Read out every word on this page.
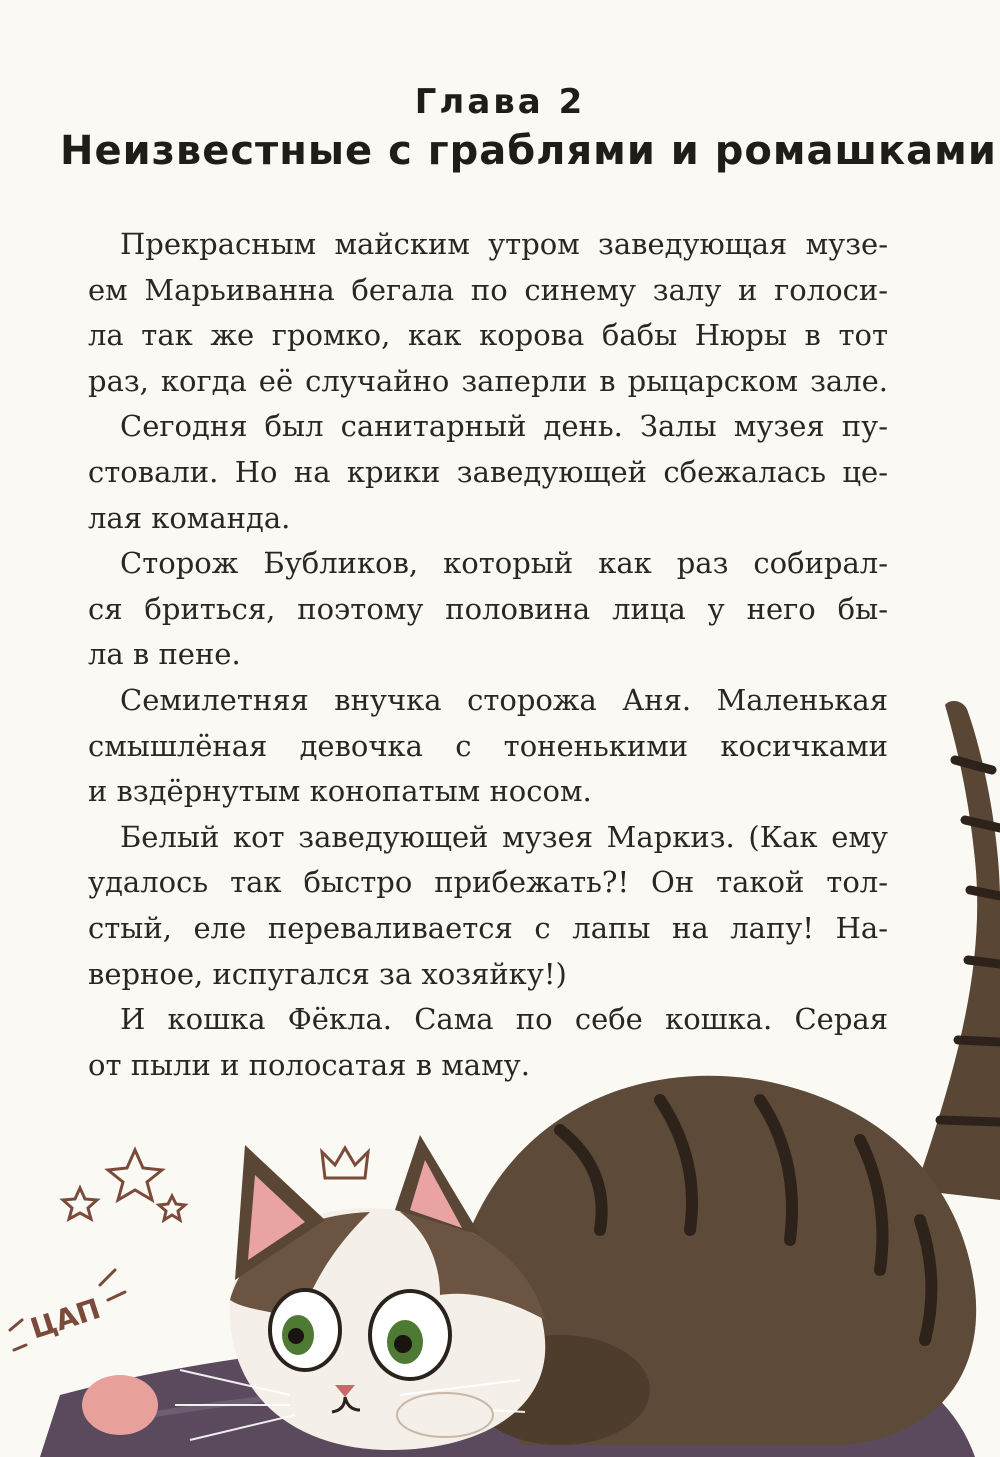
Глава 2
Неизвестные с граблями и ромашками
Прекрасным майским утром заведующая музе-
ем Марьиванна бегала по синему залу и голоси-
ла так же громко, как корова бабы Нюры в тот
раз, когда её случайно заперли в рыцарском зале.
Сегодня был санитарный день. Залы музея пу-
стовали. Но на крики заведующей сбежалась це-
лая команда.
Сторож Бубликов, который как раз собирал-
ся бриться, поэтому половина лица у него бы-
ла в пене.
Семилетняя внучка сторожа Аня. Маленькая
смышлёная девочка с тоненькими косичками
и вздёрнутым конопатым носом.
Белый кот заведующей музея Маркиз. (Как ему
удалось так быстро прибежать?! Он такой тол-
стый, еле переваливается с лапы на лапу! На-
верное, испугался за хозяйку!)
И кошка Фёкла. Сама по себе кошка. Серая
от пыли и полосатая в маму.
ЦАП
